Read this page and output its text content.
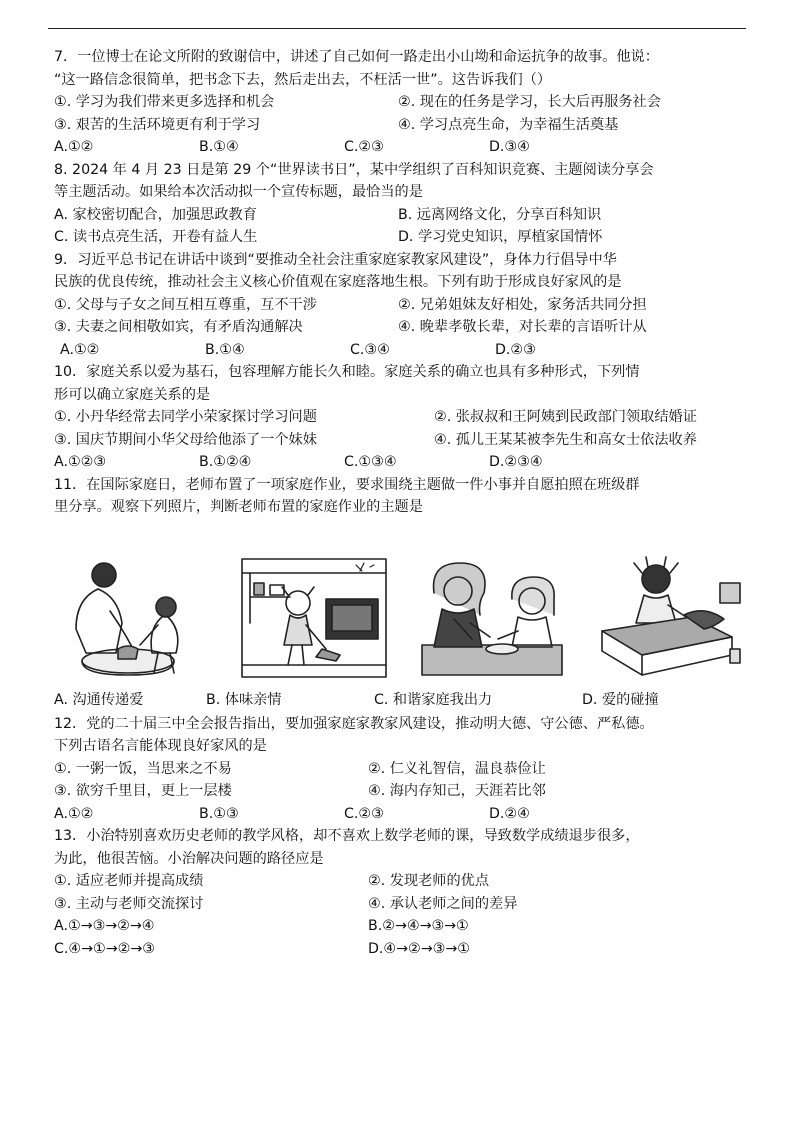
7．一位博士在论文所附的致谢信中，讲述了自己如何一路走出小山坳和命运抗争的故事。他说：
“这一路信念很简单，把书念下去，然后走出去，不枉活一世”。这告诉我们（）
①. 学习为我们带来更多选择和机会	②. 现在的任务是学习，长大后再服务社会
③. 艰苦的生活环境更有利于学习	④. 学习点亮生命，为幸福生活奠基
A.①②	B.①④	C.②③	D.③④
8. 2024 年 4 月 23 日是第 29 个“世界读书日”，某中学组织了百科知识竞赛、主题阅读分享会
等主题活动。如果给本次活动拟一个宣传标题，最恰当的是
A. 家校密切配合，加强思政教育	B. 远离网络文化，分享百科知识
C. 读书点亮生活，开卷有益人生	D. 学习党史知识，厚植家国情怀
9．习近平总书记在讲话中谈到“要推动全社会注重家庭家教家风建设”，身体力行倡导中华
民族的优良传统，推动社会主义核心价值观在家庭落地生根。下列有助于形成良好家风的是
①. 父母与子女之间互相互尊重，互不干涉	②. 兄弟姐妹友好相处，家务活共同分担
③. 夫妻之间相敬如宾，有矛盾沟通解决	④. 晚辈孝敬长辈，对长辈的言语听计从
A.①②	B.①④	C.③④	D.②③
10．家庭关系以爱为基石，包容理解方能长久和睦。家庭关系的确立也具有多种形式，下列情
形可以确立家庭关系的是
①. 小丹华经常去同学小荣家探讨学习问题	②. 张叔叔和王阿姨到民政部门领取结婚证
③. 国庆节期间小华父母给他添了一个妹妹	④. 孤儿王某某被李先生和高女士依法收养
A.①②③	B.①②④	C.①③④	D.②③④
11．在国际家庭日，老师布置了一项家庭作业，要求围绕主题做一件小事并自愿拍照在班级群
里分享。观察下列照片，判断老师布置的家庭作业的主题是
A. 沟通传递爱	B. 体味亲情	C. 和谐家庭我出力	D. 爱的碰撞
12．党的二十届三中全会报告指出，要加强家庭家教家风建设，推动明大德、守公德、严私德。
下列古语名言能体现良好家风的是
①. 一粥一饭，当思来之不易	②. 仁义礼智信，温良恭俭让
③. 欲穷千里目，更上一层楼	④. 海内存知己，天涯若比邻
A.①②	B.①③	C.②③	D.②④
13．小治特别喜欢历史老师的教学风格，却不喜欢上数学老师的课，导致数学成绩退步很多，
为此，他很苦恼。小治解决问题的路径应是
①. 适应老师并提高成绩	②. 发现老师的优点
③. 主动与老师交流探讨	④. 承认老师之间的差异
A.①→③→②→④	B.②→④→③→①
C.④→①→②→③	D.④→②→③→①
